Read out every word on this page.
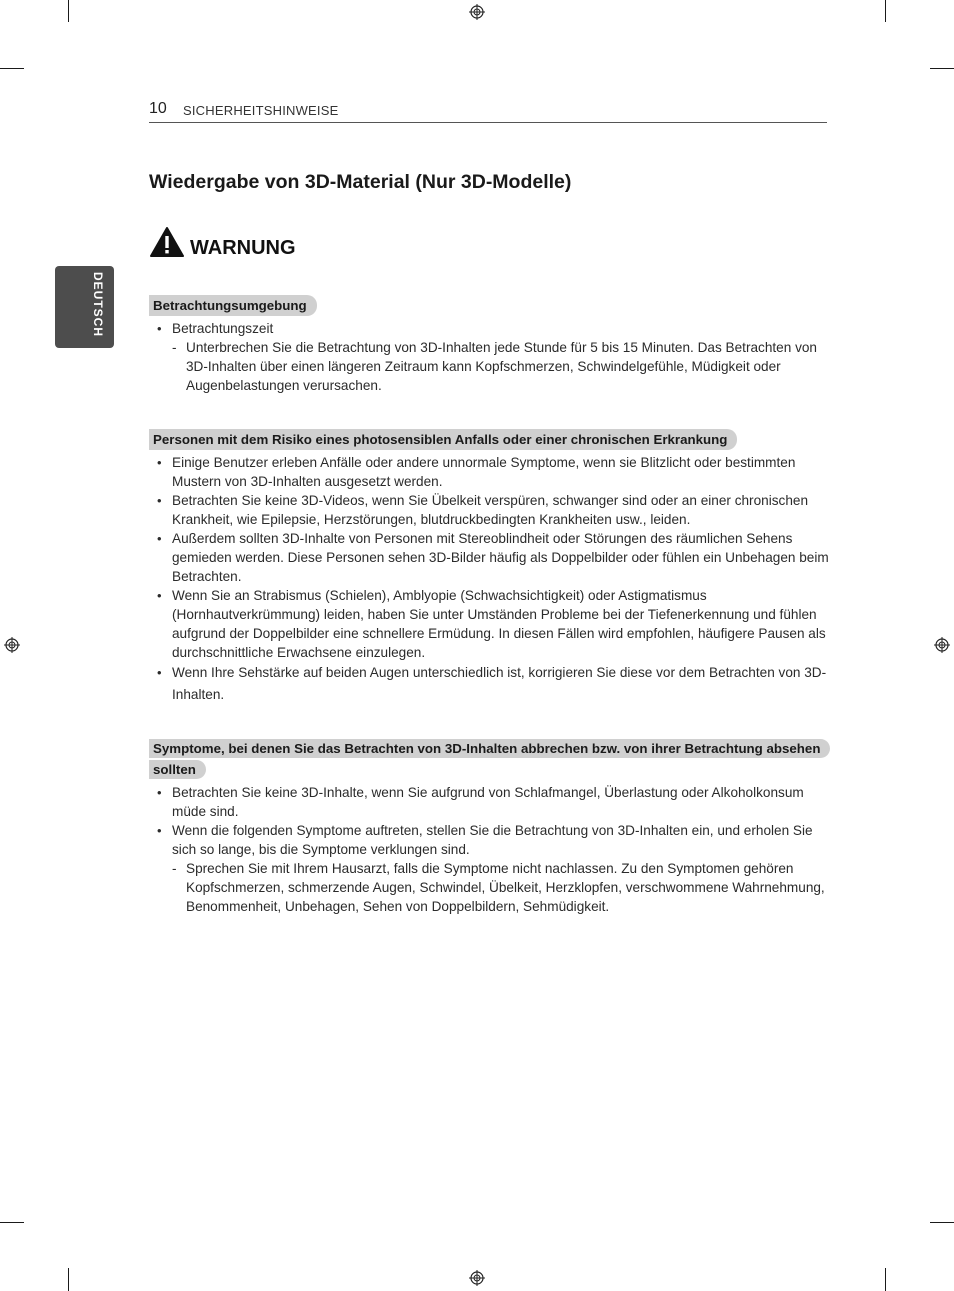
DEUTSCH
10 SICHERHEITSHINWEISE
Wiedergabe von 3D-Material (Nur 3D-Modelle)
WARNUNG
Betrachtungsumgebung
• Betrachtungszeit
- Unterbrechen Sie die Betrachtung von 3D-Inhalten jede Stunde für 5 bis 15 Minuten. Das Betrachten von 3D-Inhalten über einen längeren Zeitraum kann Kopfschmerzen, Schwindelgefühle, Müdigkeit oder Augenbelastungen verursachen.
Personen mit dem Risiko eines photosensiblen Anfalls oder einer chronischen Erkrankung
• Einige Benutzer erleben Anfälle oder andere unnormale Symptome, wenn sie Blitzlicht oder bestimmten Mustern von 3D-Inhalten ausgesetzt werden.
• Betrachten Sie keine 3D-Videos, wenn Sie Übelkeit verspüren, schwanger sind oder an einer chronischen Krankheit, wie Epilepsie, Herzstörungen, blutdruckbedingten Krankheiten usw., leiden.
• Außerdem sollten 3D-Inhalte von Personen mit Stereoblindheit oder Störungen des räumlichen Sehens gemieden werden. Diese Personen sehen 3D-Bilder häufig als Doppelbilder oder fühlen ein Unbehagen beim Betrachten.
• Wenn Sie an Strabismus (Schielen), Amblyopie (Schwachsichtigkeit) oder Astigmatismus (Hornhautverkrümmung) leiden, haben Sie unter Umständen Probleme bei der Tiefenerkennung und fühlen aufgrund der Doppelbilder eine schnellere Ermüdung. In diesen Fällen wird empfohlen, häufigere Pausen als durchschnittliche Erwachsene einzulegen.
• Wenn Ihre Sehstärke auf beiden Augen unterschiedlich ist, korrigieren Sie diese vor dem Betrachten von 3D-Inhalten.
Symptome, bei denen Sie das Betrachten von 3D-Inhalten abbrechen bzw. von ihrer Betrachtung absehen sollten
• Betrachten Sie keine 3D-Inhalte, wenn Sie aufgrund von Schlafmangel, Überlastung oder Alkoholkonsum müde sind.
• Wenn die folgenden Symptome auftreten, stellen Sie die Betrachtung von 3D-Inhalten ein, und erholen Sie sich so lange, bis die Symptome verklungen sind.
- Sprechen Sie mit Ihrem Hausarzt, falls die Symptome nicht nachlassen. Zu den Symptomen gehören Kopfschmerzen, schmerzende Augen, Schwindel, Übelkeit, Herzklopfen, verschwommene Wahrnehmung, Benommenheit, Unbehagen, Sehen von Doppelbildern, Sehmüdigkeit.
